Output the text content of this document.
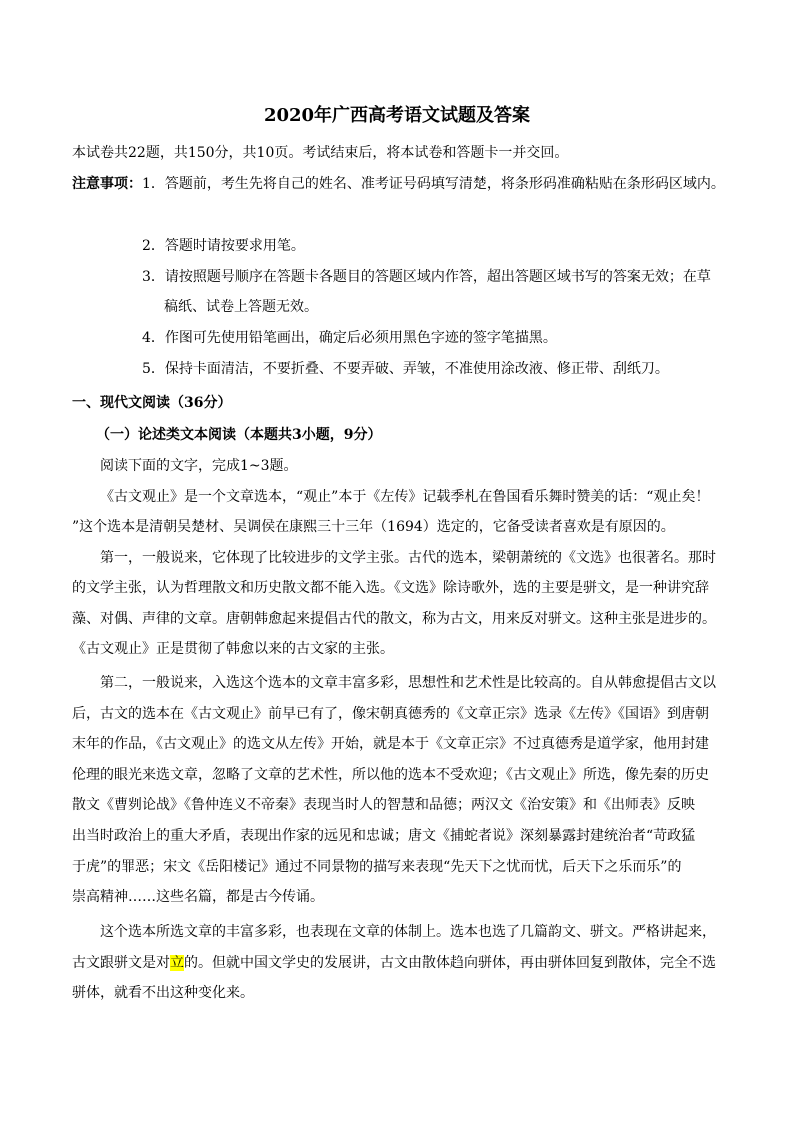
2020年广西高考语文试题及答案
本试卷共22题，共150分，共10页。考试结束后，将本试卷和答题卡一并交回。
注意事项：1．答题前，考生先将自己的姓名、准考证号码填写清楚，将条形码准确粘贴在条形码区域内。
2．答题时请按要求用笔。
3．请按照题号顺序在答题卡各题目的答题区域内作答，超出答题区域书写的答案无效；在草
稿纸、试卷上答题无效。
4．作图可先使用铅笔画出，确定后必须用黑色字迹的签字笔描黑。
5．保持卡面清洁，不要折叠、不要弄破、弄皱，不准使用涂改液、修正带、刮纸刀。
一、现代文阅读（36分）
（一）论述类文本阅读（本题共3小题，9分）
阅读下面的文字，完成1~3题。
《古文观止》是一个文章选本，“观止”本于《左传》记载季札在鲁国看乐舞时赞美的话：“观止矣！
”这个选本是清朝吴楚材、吴调侯在康熙三十三年（1694）选定的，它备受读者喜欢是有原因的。
第一，一般说来，它体现了比较进步的文学主张。古代的选本，梁朝萧统的《文选》也很著名。那时
的文学主张，认为哲理散文和历史散文都不能入选。《文选》除诗歌外，选的主要是骈文，是一种讲究辞
藻、对偶、声律的文章。唐朝韩愈起来提倡古代的散文，称为古文，用来反对骈文。这种主张是进步的。
《古文观止》正是贯彻了韩愈以来的古文家的主张。
第二，一般说来，入选这个选本的文章丰富多彩，思想性和艺术性是比较高的。自从韩愈提倡古文以
后，古文的选本在《古文观止》前早已有了，像宋朝真德秀的《文章正宗》选录《左传》《国语》到唐朝
末年的作品，《古文观止》的选文从左传》开始，就是本于《文章正宗》不过真德秀是道学家，他用封建
伦理的眼光来选文章，忽略了文章的艺术性，所以他的选本不受欢迎；《古文观止》所选，像先秦的历史
散文《曹刿论战》《鲁仲连义不帝秦》表现当时人的智慧和品德；两汉文《治安策》和《出师表》反映
出当时政治上的重大矛盾，表现出作家的远见和忠诚；唐文《捕蛇者说》深刻暴露封建统治者“苛政猛
于虎”的罪恶；宋文《岳阳楼记》通过不同景物的描写来表现“先天下之忧而忧，后天下之乐而乐”的
崇高精神……这些名篇，都是古今传诵。
这个选本所选文章的丰富多彩，也表现在文章的体制上。选本也选了几篇韵文、骈文。严格讲起来，
古文跟骈文是对立的。但就中国文学史的发展讲，古文由散体趋向骈体，再由骈体回复到散体，完全不选
骈体，就看不出这种变化来。
